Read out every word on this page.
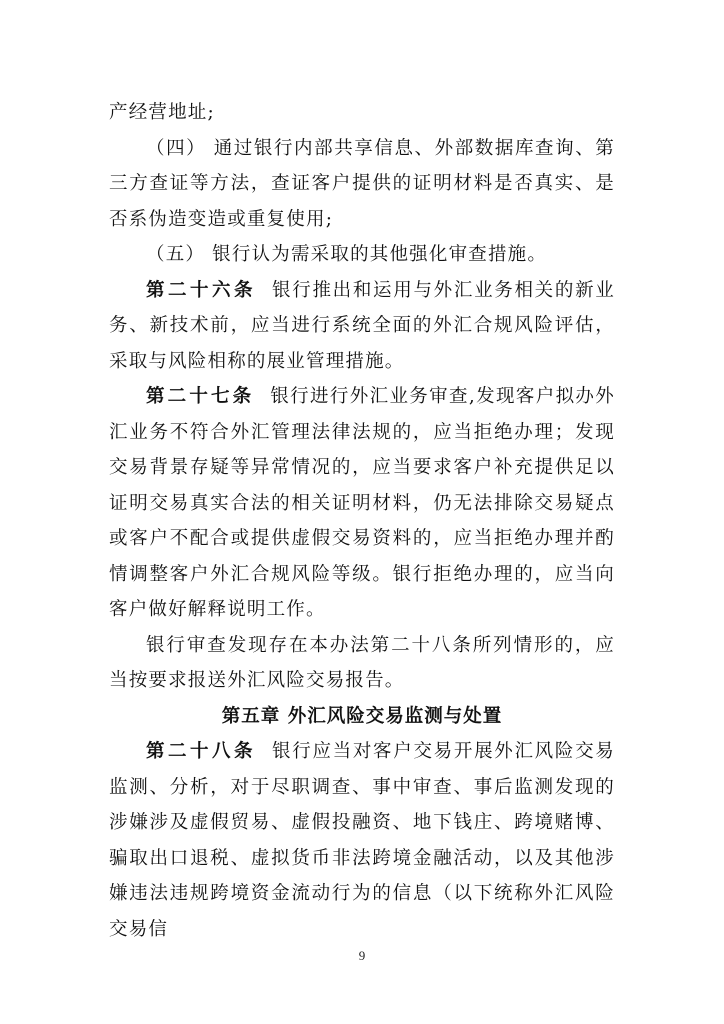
产经营地址;

（四） 通过银行内部共享信息、外部数据库查询、第三方查证等方法，查证客户提供的证明材料是否真实、是否系伪造变造或重复使用;

（五） 银行认为需采取的其他强化审查措施。

第二十六条 银行推出和运用与外汇业务相关的新业务、新技术前，应当进行系统全面的外汇合规风险评估，采取与风险相称的展业管理措施。

第二十七条 银行进行外汇业务审查,发现客户拟办外汇业务不符合外汇管理法律法规的，应当拒绝办理；发现交易背景存疑等异常情况的，应当要求客户补充提供足以证明交易真实合法的相关证明材料，仍无法排除交易疑点或客户不配合或提供虚假交易资料的，应当拒绝办理并酌情调整客户外汇合规风险等级。银行拒绝办理的，应当向客户做好解释说明工作。

银行审查发现存在本办法第二十八条所列情形的，应当按要求报送外汇风险交易报告。

第五章 外汇风险交易监测与处置

第二十八条 银行应当对客户交易开展外汇风险交易监测、分析，对于尽职调查、事中审查、事后监测发现的涉嫌涉及虚假贸易、虚假投融资、地下钱庄、跨境赌博、骗取出口退税、虚拟货币非法跨境金融活动，以及其他涉嫌违法违规跨境资金流动行为的信息（以下统称外汇风险交易信

9
